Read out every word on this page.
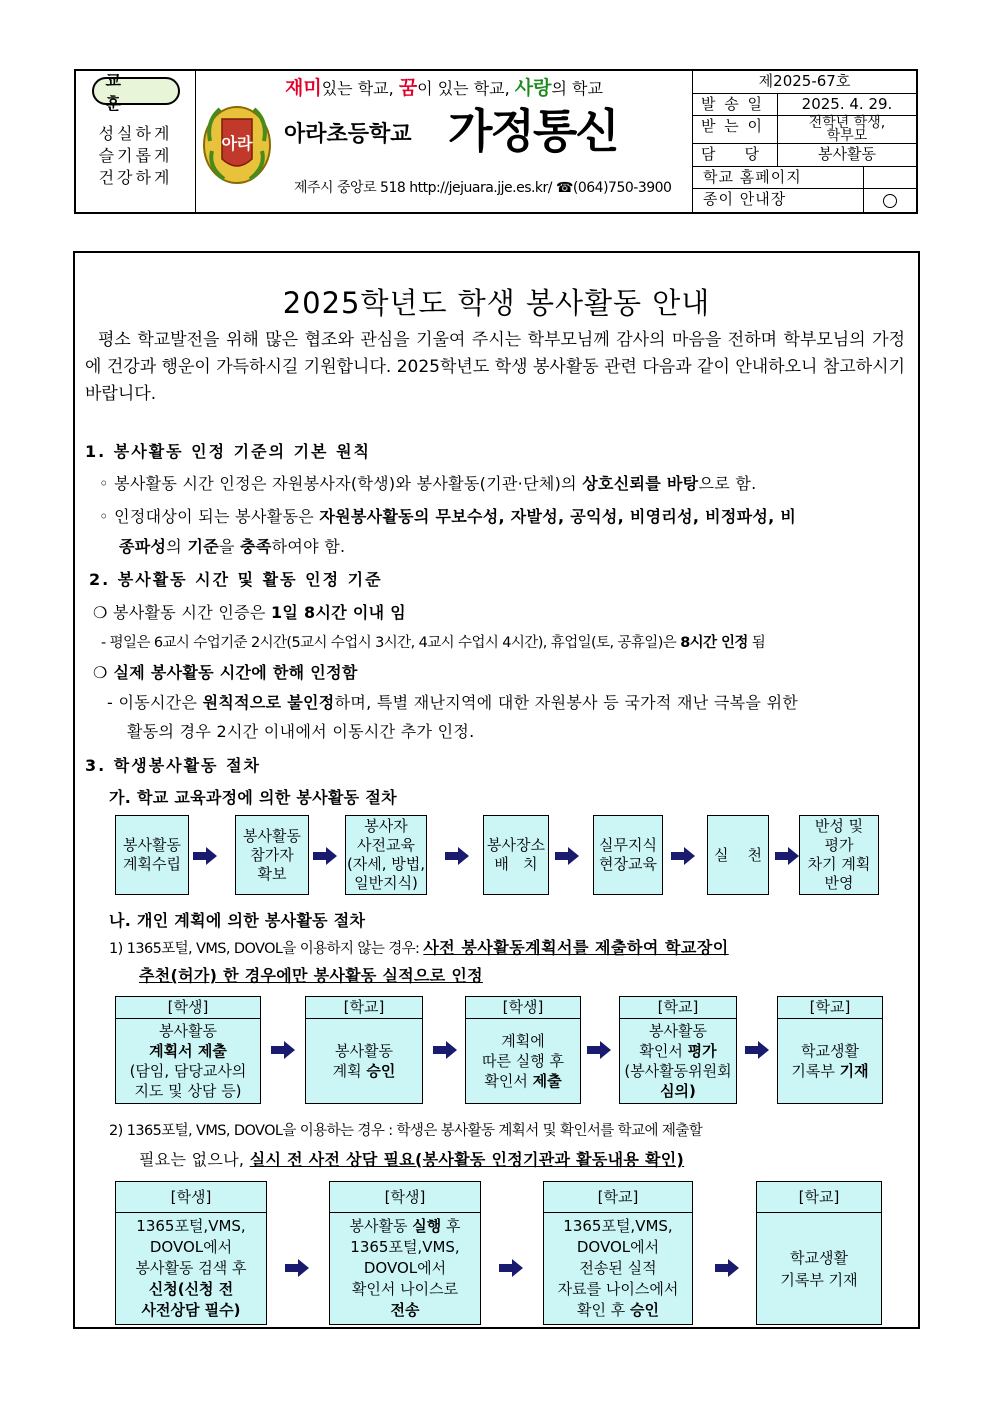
교 훈
성실하게
슬기롭게
건강하게
재미있는 학교, 꿈이 있는 학교, 사랑의 학교
아라 아라초등학교 가정통신
제주시 중앙로 518 http://jejuara.jje.es.kr/ ☎(064)750-3900
제2025-67호
발 송 일	2025. 4. 29.
받 는 이	전학년 학생,
학부모
담    당	봉사활동
학교 홈페이지
종이 안내장
2025학년도 학생 봉사활동 안내
평소 학교발전을 위해 많은 협조와 관심을 기울여 주시는 학부모님께 감사의 마음을 전하며 학부모님의 가정에 건강과 행운이 가득하시길 기원합니다. 2025학년도 학생 봉사활동 관련 다음과 같이 안내하오니 참고하시기 바랍니다.
1. 봉사활동 인정 기준의 기본 원칙
◦ 봉사활동 시간 인정은 자원봉사자(학생)와 봉사활동(기관·단체)의 상호신뢰를 바탕으로 함.
◦ 인정대상이 되는 봉사활동은 자원봉사활동의 무보수성, 자발성, 공익성, 비영리성, 비정파성, 비
종파성의 기준을 충족하여야 함.
2. 봉사활동 시간 및 활동 인정 기준
❍ 봉사활동 시간 인증은 1일 8시간 이내 임
- 평일은 6교시 수업기준 2시간(5교시 수업시 3시간, 4교시 수업시 4시간), 휴업일(토, 공휴일)은 8시간 인정 됨
❍ 실제 봉사활동 시간에 한해 인정함
- 이동시간은 원칙적으로 불인정하며, 특별 재난지역에 대한 자원봉사 등 국가적 재난 극복을 위한
활동의 경우 2시간 이내에서 이동시간 추가 인정.
3. 학생봉사활동 절차
가. 학교 교육과정에 의한 봉사활동 절차
봉사활동
계획수립
봉사활동
참가자
확보
봉사자
사전교육
(자세, 방법,
일반지식)
봉사장소
배   치
실무지식
현장교육
실    천
반성 및
평가
차기 계획
반영
나. 개인 계획에 의한 봉사활동 절차
1) 1365포털, VMS, DOVOL을 이용하지 않는 경우: 사전 봉사활동계획서를 제출하여 학교장이
추천(허가) 한 경우에만 봉사활동 실적으로 인정
[학생]
봉사활동
계획서 제출
(담임, 담당교사의
지도 및 상담 등)
[학교]
봉사활동
계획 승인
[학생]
계획에
따른 실행 후
확인서 제출
[학교]
봉사활동
확인서 평가
(봉사활동위원회
심의)
[학교]
학교생활
기록부 기재
2) 1365포털, VMS, DOVOL을 이용하는 경우 : 학생은 봉사활동 계획서 및 확인서를 학교에 제출할
필요는 없으나, 실시 전 사전 상담 필요(봉사활동 인정기관과 활동내용 확인)
[학생]
1365포털,VMS,
DOVOL에서
봉사활동 검색 후
신청(신청 전
사전상담 필수)
[학생]
봉사활동 실행 후
1365포털,VMS,
DOVOL에서
확인서 나이스로
전송
[학교]
1365포털,VMS,
DOVOL에서
전송된 실적
자료를 나이스에서
확인 후 승인
[학교]
학교생활
기록부 기재
